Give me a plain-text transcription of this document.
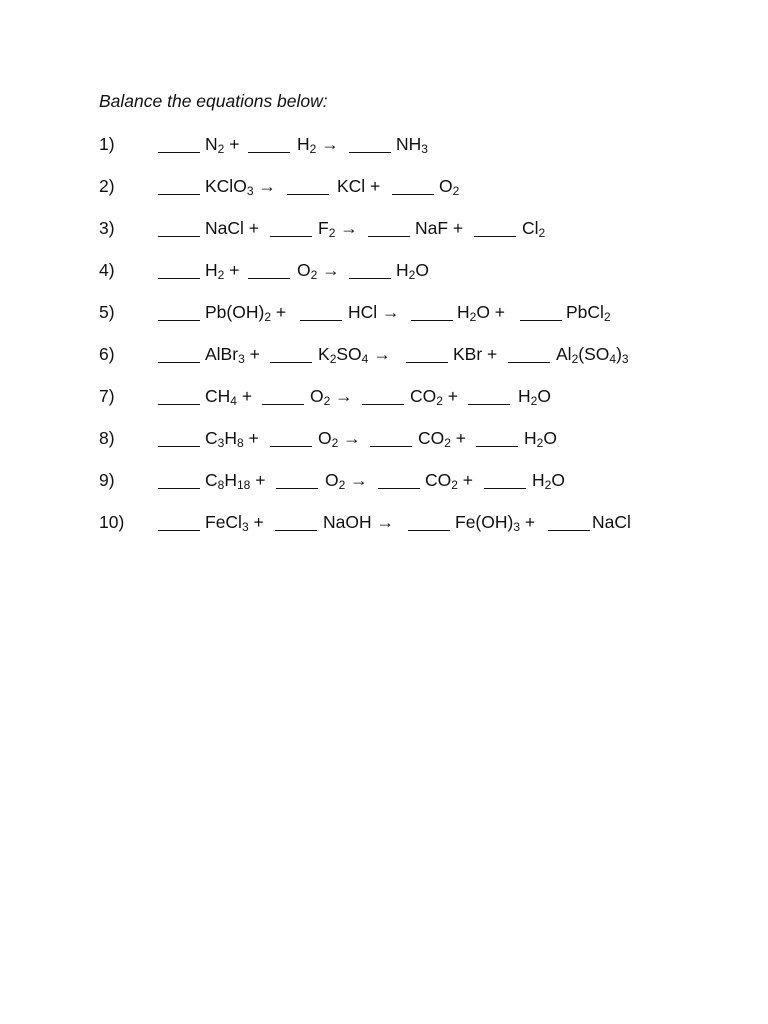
Balance the equations below:
1)	$N_2$ +	$H_2$ →	$NH_3$
2)	KClO$_3$ →	KCl +	$O_2$
3)	NaCl +	$F_2$ →	NaF +	$Cl_2$
4)	$H_2$ +	$O_2$ →	$H_2O$
5)	$Pb(OH)_2$ +	HCl →	$H_2O$ +	PbCl$_2$
6)	AlBr$_3$ +	$K_2SO_4$ →	KBr +	$Al_2(SO_4)_3$
7)	$CH_4$ +	$O_2$ →	$CO_2$ +	$H_2O$
8)	$C_3H_8$ +	$O_2$ →	$CO_2$ +	$H_2O$
9)	$C_8H_{18}$ +	$O_2$ →	$CO_2$ +	$H_2O$
10)	FeCl$_3$ +	NaOH →	$Fe(OH)_3$ +	NaCl
